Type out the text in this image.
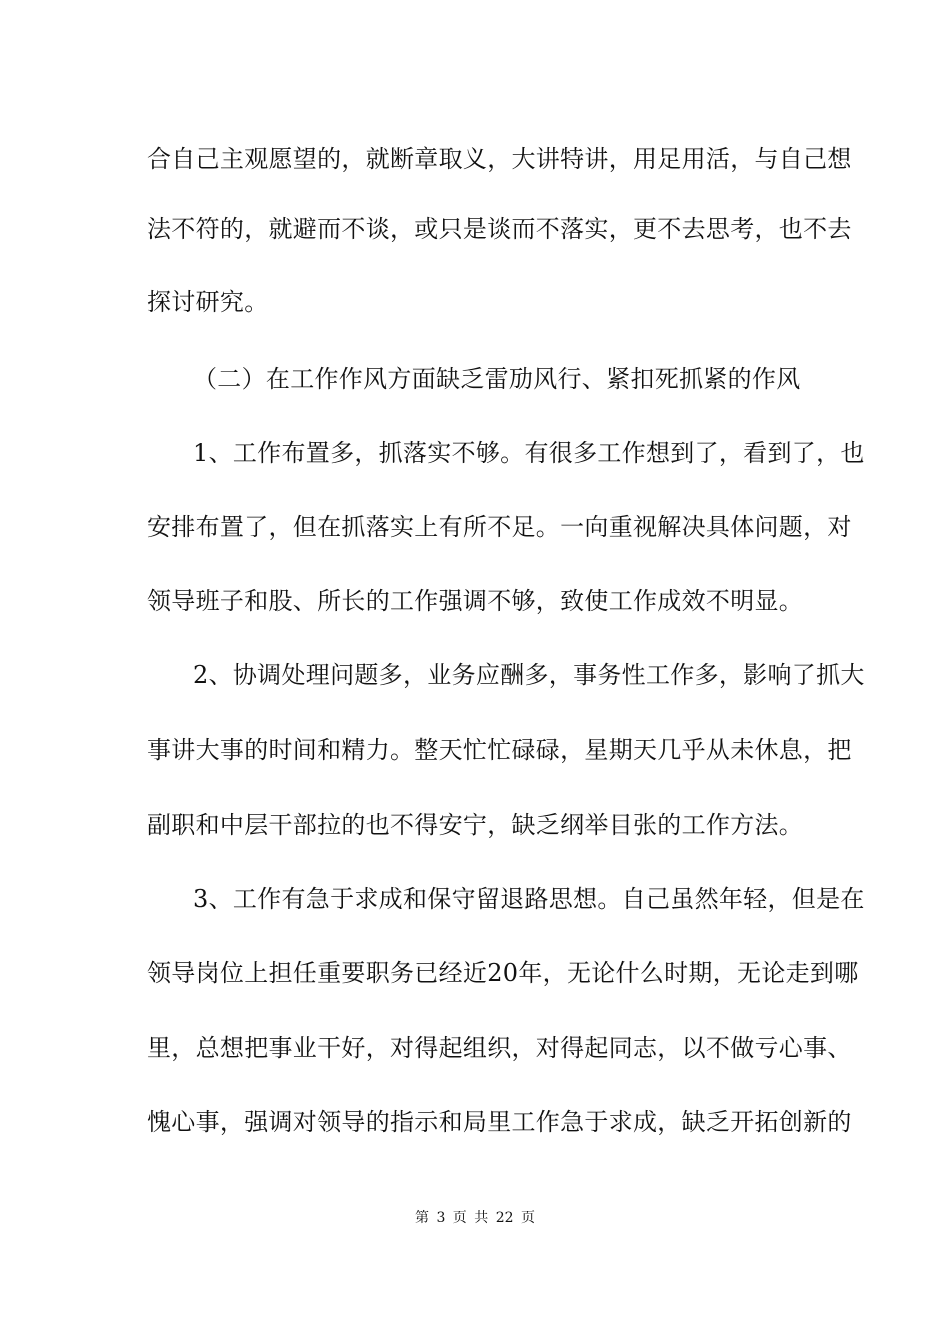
合自己主观愿望的，就断章取义，大讲特讲，用足用活，与自己想
法不符的，就避而不谈，或只是谈而不落实，更不去思考，也不去
探讨研究。
（二）在工作作风方面缺乏雷劢风行、紧扣死抓紧的作风
1、工作布置多，抓落实不够。有很多工作想到了，看到了，也
安排布置了，但在抓落实上有所不足。一向重视解决具体问题，对
领导班子和股、所长的工作强调不够，致使工作成效不明显。
2、协调处理问题多，业务应酬多，事务性工作多，影响了抓大
事讲大事的时间和精力。整天忙忙碌碌，星期天几乎从未休息，把
副职和中层干部拉的也不得安宁，缺乏纲举目张的工作方法。
3、工作有急于求成和保守留退路思想。自己虽然年轻，但是在
领导岗位上担任重要职务已经近20年，无论什么时期，无论走到哪
里，总想把事业干好，对得起组织，对得起同志，以不做亏心事、
愧心事，强调对领导的指示和局里工作急于求成，缺乏开拓创新的
第 3 页 共 22 页
